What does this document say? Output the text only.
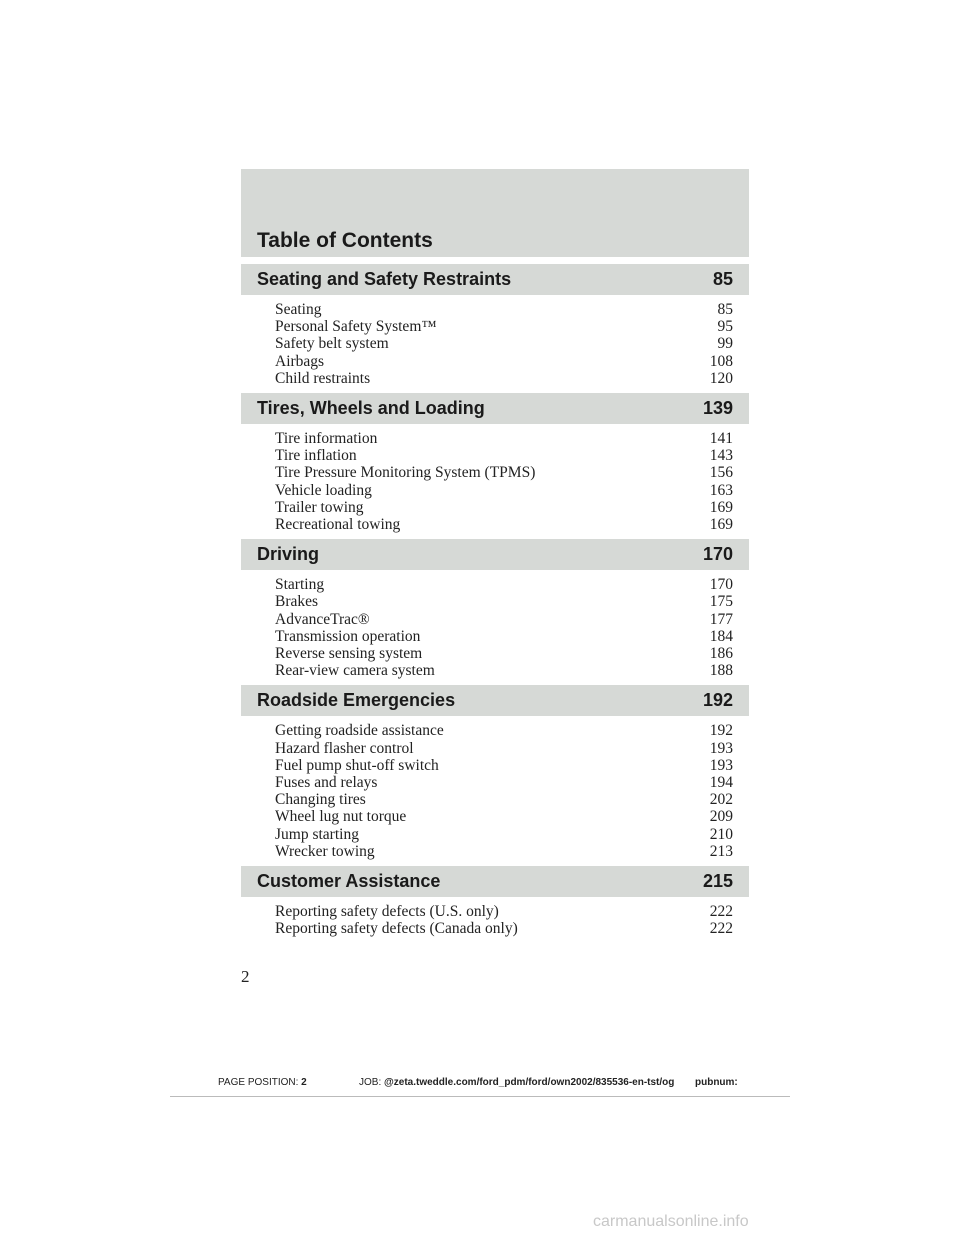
Table of Contents
Seating and Safety Restraints	85
Seating	85
Personal Safety System™	95
Safety belt system	99
Airbags	108
Child restraints	120
Tires, Wheels and Loading	139
Tire information	141
Tire inflation	143
Tire Pressure Monitoring System (TPMS)	156
Vehicle loading	163
Trailer towing	169
Recreational towing	169
Driving	170
Starting	170
Brakes	175
AdvanceTrac®	177
Transmission operation	184
Reverse sensing system	186
Rear-view camera system	188
Roadside Emergencies	192
Getting roadside assistance	192
Hazard flasher control	193
Fuel pump shut-off switch	193
Fuses and relays	194
Changing tires	202
Wheel lug nut torque	209
Jump starting	210
Wrecker towing	213
Customer Assistance	215
Reporting safety defects (U.S. only)	222
Reporting safety defects (Canada only)	222
2
PAGE POSITION: 2	JOB: @zeta.tweddle.com/ford_pdm/ford/own2002/835536-en-tst/og pubnum:
carmanualsonline.info
